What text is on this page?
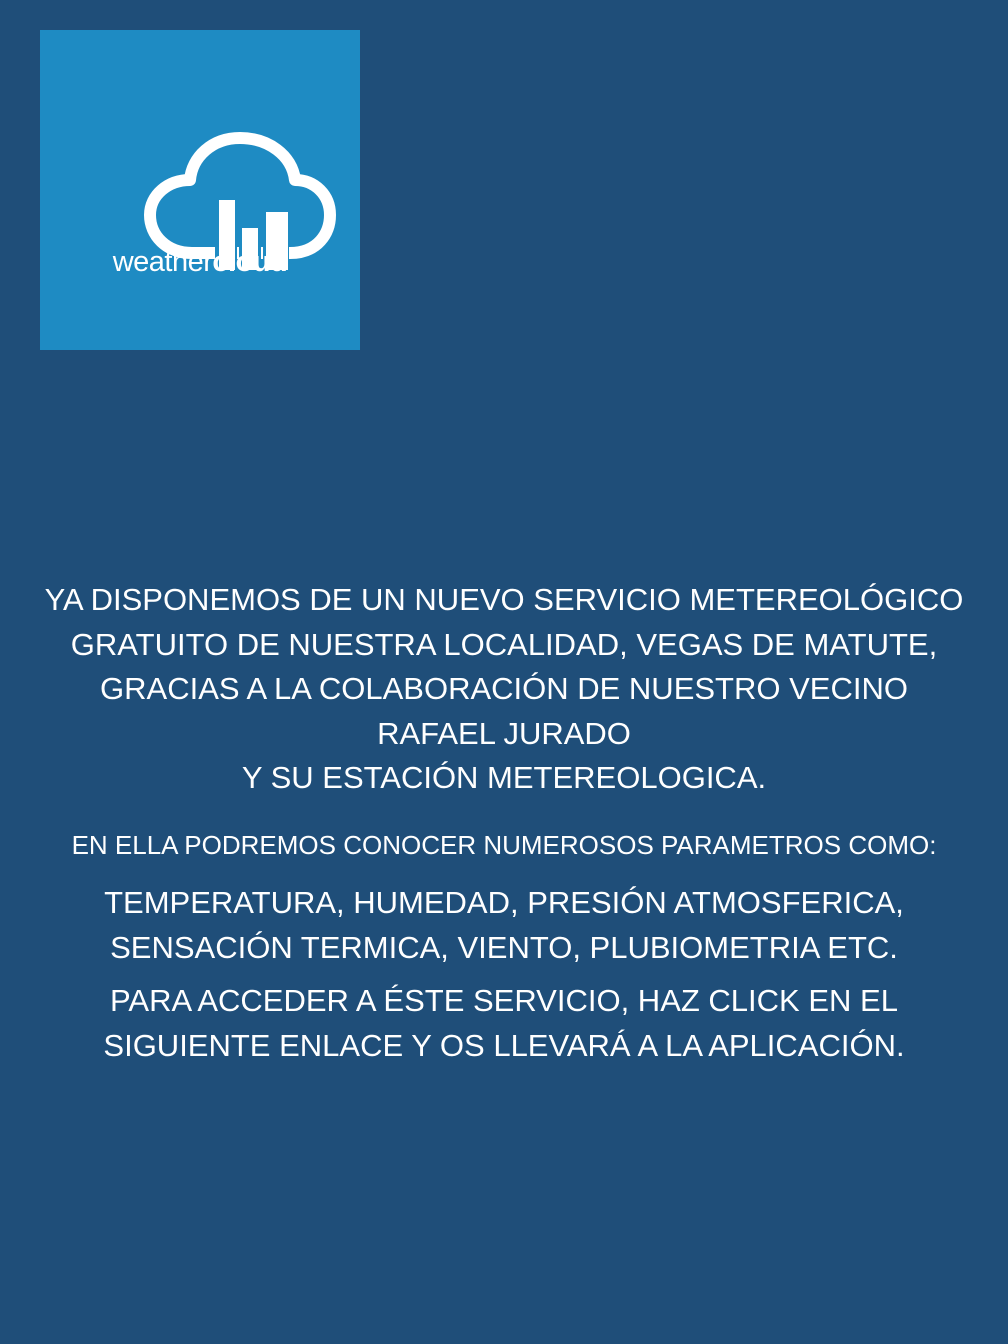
weathercloud
YA DISPONEMOS DE UN NUEVO SERVICIO METEREOLÓGICO
GRATUITO DE NUESTRA LOCALIDAD, VEGAS DE MATUTE,
GRACIAS A LA COLABORACIÓN DE NUESTRO VECINO
RAFAEL JURADO
Y SU ESTACIÓN METEREOLOGICA.
EN ELLA PODREMOS CONOCER NUMEROSOS PARAMETROS COMO:
TEMPERATURA, HUMEDAD, PRESIÓN ATMOSFERICA,
SENSACIÓN TERMICA, VIENTO, PLUBIOMETRIA ETC.
PARA ACCEDER A ÉSTE SERVICIO, HAZ CLICK EN EL
SIGUIENTE ENLACE Y OS LLEVARÁ A LA APLICACIÓN.
